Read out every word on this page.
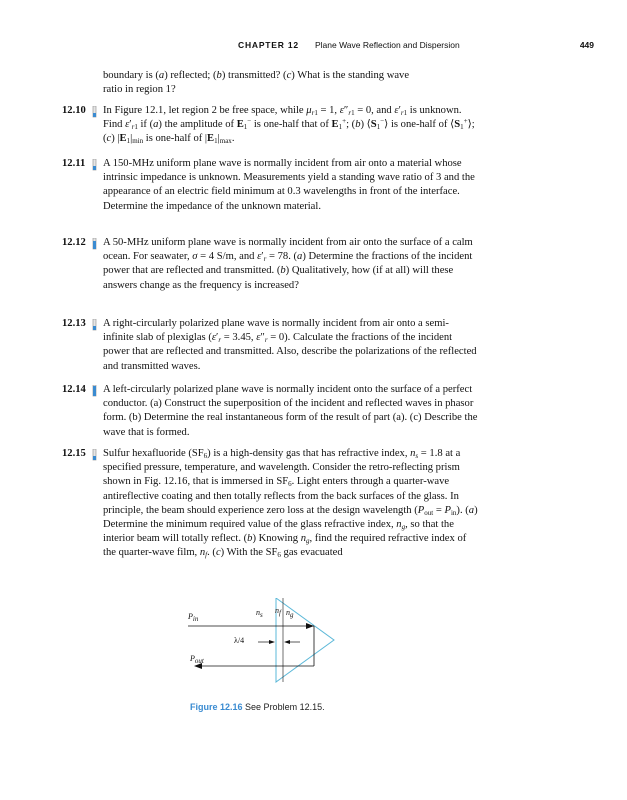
CHAPTER 12 Plane Wave Reflection and Dispersion	449
boundary is (a) reflected; (b) transmitted? (c) What is the standing wave
ratio in region 1?
12.10 In Figure 12.1, let region 2 be free space, while $\mu_{r1} = 1$, $\varepsilon''_{r1} = 0$, and $\varepsilon'_{r1}$ is unknown. Find $\varepsilon'_{r1}$ if (a) the amplitude of $E_1^-$ is one-half that of $E_1^+$; (b) $⟨S_1^-⟩$ is one-half of $⟨S_1^+⟩$; (c) $|E_1|_{min}$ is one-half of $|E_1|_{max}$.
12.11 A 150-MHz uniform plane wave is normally incident from air onto a material whose intrinsic impedance is unknown. Measurements yield a standing wave ratio of 3 and the appearance of an electric field minimum at 0.3 wavelengths in front of the interface. Determine the impedance of the unknown material.
12.12 A 50-MHz uniform plane wave is normally incident from air onto the surface of a calm ocean. For seawater, σ = 4 S/m, and $\varepsilon'_r = 78$. (a) Determine the fractions of the incident power that are reflected and transmitted. (b) Qualitatively, how (if at all) will these answers change as the frequency is increased?
12.13 A right-circularly polarized plane wave is normally incident from air onto a semi-infinite slab of plexiglas ($\varepsilon'_r = 3.45$, $\varepsilon''_r = 0$). Calculate the fractions of the incident power that are reflected and transmitted. Also, describe the polarizations of the reflected and transmitted waves.
12.14 A left-circularly polarized plane wave is normally incident onto the surface of a perfect conductor. (a) Construct the superposition of the incident and reflected waves in phasor form. (b) Determine the real instantaneous form of the result of part (a). (c) Describe the wave that is formed.
12.15 Sulfur hexafluoride $(SF_6)$ is a high-density gas that has refractive index, $n_s = 1.8$ at a specified pressure, temperature, and wavelength. Consider the retro-reflecting prism shown in Fig. 12.16, that is immersed in $SF_6$. Light enters through a quarter-wave antireflective coating and then totally reflects from the back surfaces of the glass. In principle, the beam should experience zero loss at the design wavelength $(P_{out} = P_{in})$. (a) Determine the minimum required value of the glass refractive index, $n_g$, so that the interior beam will totally reflect. (b) Knowing $n_g$, find the required refractive index of the quarter-wave film, $n_f$. (c) With the $SF_6$ gas evacuated
$P_{in}$
$P_{out}$
$n_s$ $n_f$ $n_g$
λ/4
Figure 12.16 See Problem 12.15.
